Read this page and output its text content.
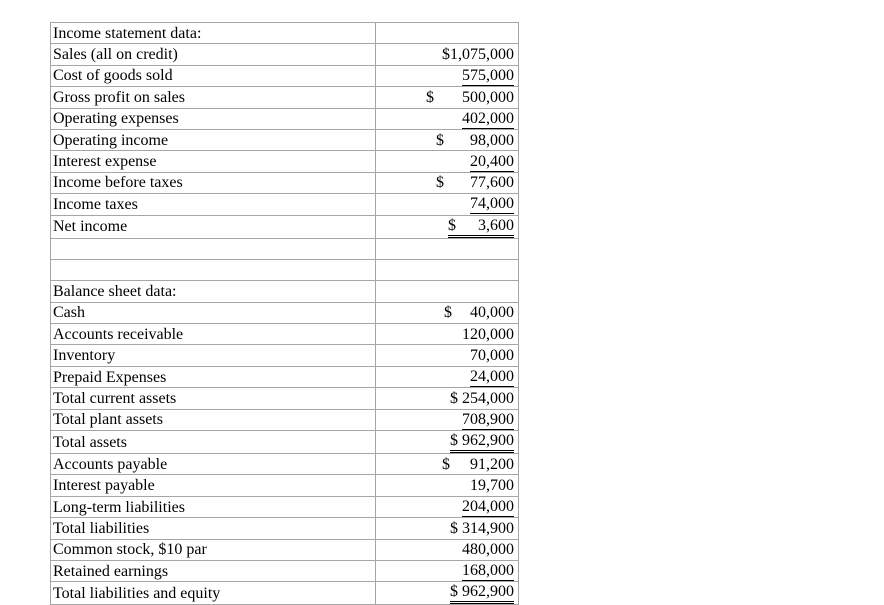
Income statement data:	
Sales (all on credit)	$1,075,000
Cost of goods sold	575,000
Gross profit on sales	$ 500,000
Operating expenses	402,000
Operating income	$ 98,000
Interest expense	20,400
Income before taxes	$ 77,600
Income taxes	74,000
Net income	$ 3,600

Balance sheet data:	
Cash	$ 40,000
Accounts receivable	120,000
Inventory	70,000
Prepaid Expenses	24,000
Total current assets	$ 254,000
Total plant assets	708,900
Total assets	$ 962,900
Accounts payable	$ 91,200
Interest payable	19,700
Long-term liabilities	204,000
Total liabilities	$ 314,900
Common stock, $10 par	480,000
Retained earnings	168,000
Total liabilities and equity	$ 962,900
